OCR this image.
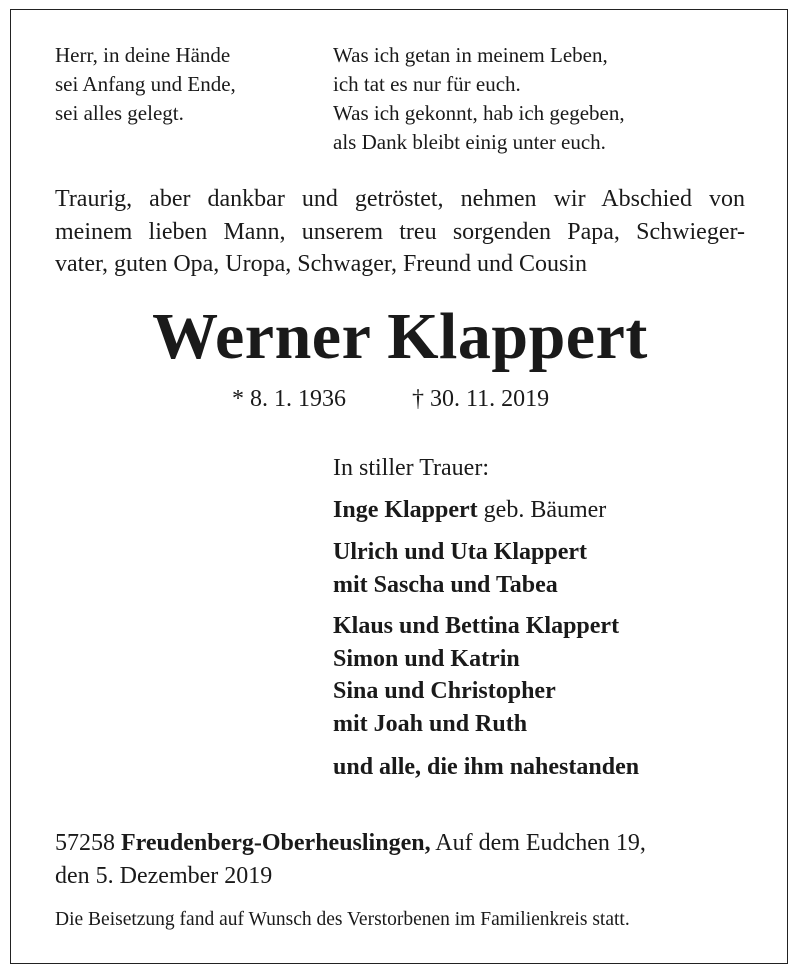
Herr, in deine Hände
sei Anfang und Ende,
sei alles gelegt.
Was ich getan in meinem Leben,
ich tat es nur für euch.
Was ich gekonnt, hab ich gegeben,
als Dank bleibt einig unter euch.
Traurig, aber dankbar und getröstet, nehmen wir Abschied von
meinem lieben Mann, unserem treu sorgenden Papa, Schwieger-
vater, guten Opa, Uropa, Schwager, Freund und Cousin
Werner Klappert
* 8. 1. 1936	† 30. 11. 2019
In stiller Trauer:
Inge Klappert geb. Bäumer
Ulrich und Uta Klappert
mit Sascha und Tabea
Klaus und Bettina Klappert
Simon und Katrin
Sina und Christopher
mit Joah und Ruth
und alle, die ihm nahestanden
57258 Freudenberg-Oberheuslingen, Auf dem Eudchen 19,
den 5. Dezember 2019
Die Beisetzung fand auf Wunsch des Verstorbenen im Familienkreis statt.
